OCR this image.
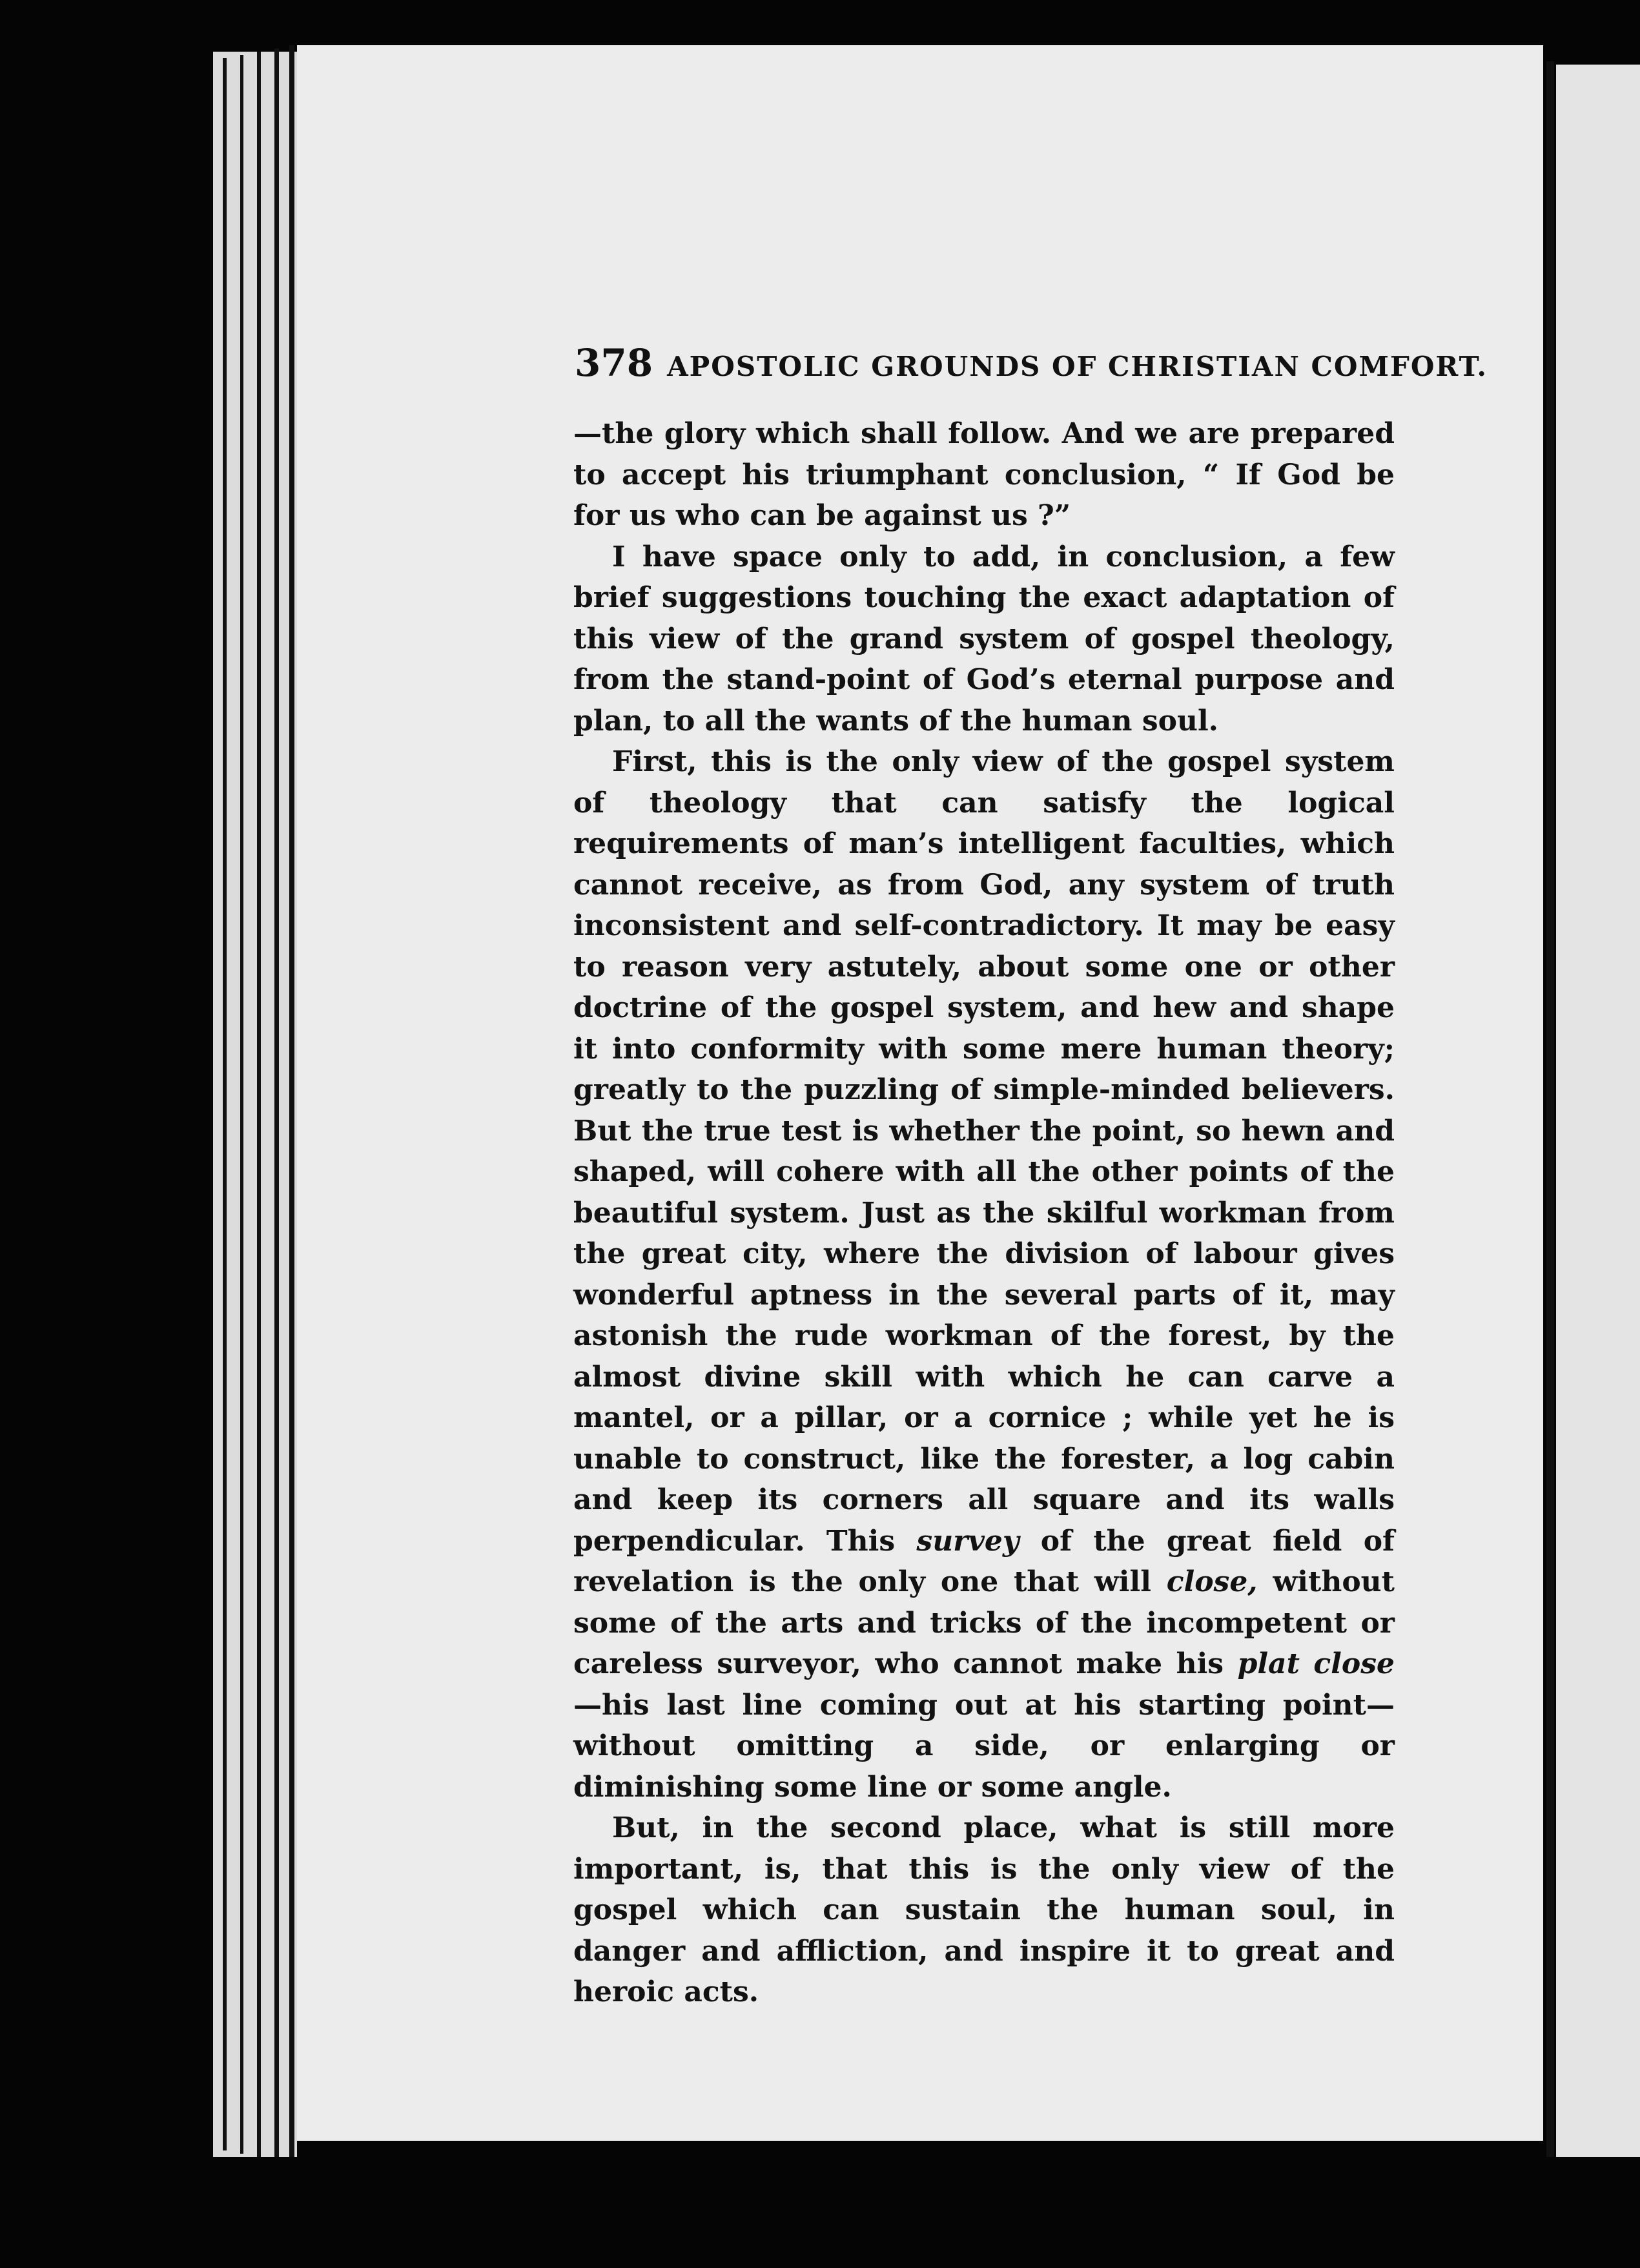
378 APOSTOLIC GROUNDS OF CHRISTIAN COMFORT.

—the glory which shall follow. And we are prepared to accept his triumphant conclusion, “ If God be for us who can be against us ?”

I have space only to add, in conclusion, a few brief suggestions touching the exact adaptation of this view of the grand system of gospel theology, from the stand-point of God’s eternal purpose and plan, to all the wants of the human soul.

First, this is the only view of the gospel system of theology that can satisfy the logical requirements of man’s intelligent faculties, which cannot receive, as from God, any system of truth inconsistent and self-contradictory. It may be easy to reason very astutely, about some one or other doctrine of the gospel system, and hew and shape it into conformity with some mere human theory; greatly to the puzzling of simple-minded believers. But the true test is whether the point, so hewn and shaped, will cohere with all the other points of the beautiful system. Just as the skilful workman from the great city, where the division of labour gives wonderful aptness in the several parts of it, may astonish the rude workman of the forest, by the almost divine skill with which he can carve a mantel, or a pillar, or a cornice ; while yet he is unable to construct, like the forester, a log cabin and keep its corners all square and its walls perpendicular. This survey of the great field of revelation is the only one that will close, without some of the arts and tricks of the incompetent or careless surveyor, who cannot make his plat close—his last line coming out at his starting point—without omitting a side, or enlarging or diminishing some line or some angle.

But, in the second place, what is still more important, is, that this is the only view of the gospel which can sustain the human soul, in danger and affliction, and inspire it to great and heroic acts.
